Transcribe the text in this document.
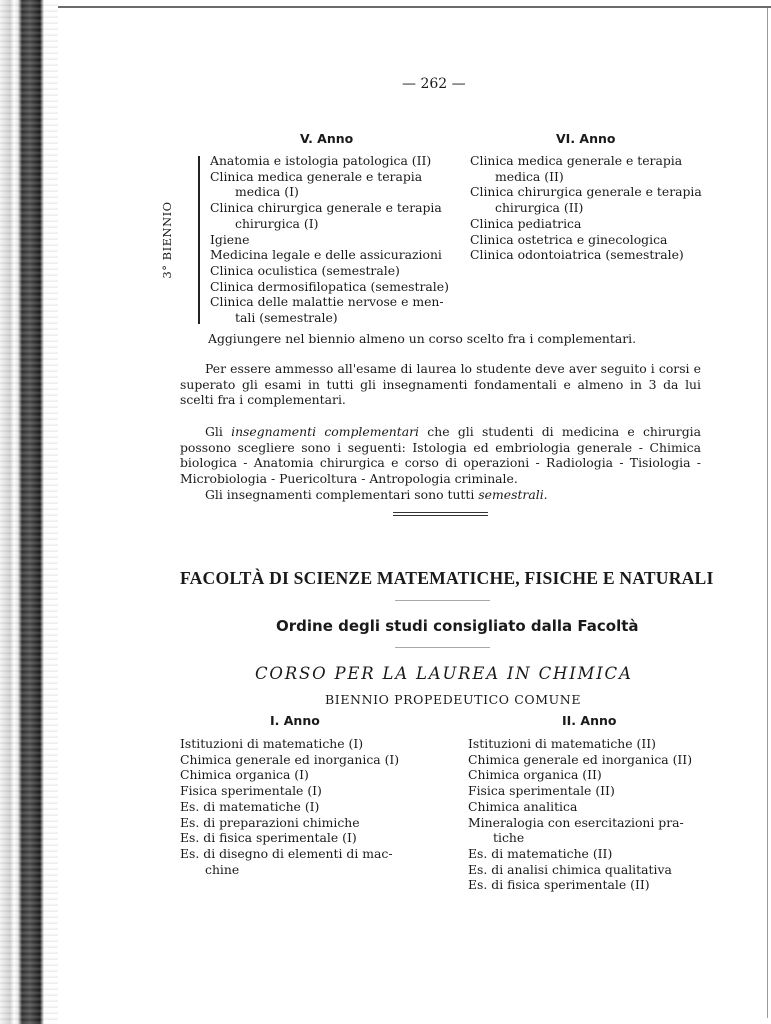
— 262 —
V. Anno
Anatomia e istologia patologica (II)
Clinica medica generale e terapia
medica (I)
Clinica chirurgica generale e terapia
chirurgica (I)
Igiene
Medicina legale e delle assicurazioni
Clinica oculistica (semestrale)
Clinica dermosifilopatica (semestrale)
Clinica delle malattie nervose e men-
tali (semestrale)
3° BIENNIO
VI. Anno
Clinica medica generale e terapia
medica (II)
Clinica chirurgica generale e terapia
chirurgica (II)
Clinica pediatrica
Clinica ostetrica e ginecologica
Clinica odontoiatrica (semestrale)
Aggiungere nel biennio almeno un corso scelto fra i complementari.
Per essere ammesso all'esame di laurea lo studente deve aver seguito i corsi e superato gli esami in tutti gli insegnamenti fondamentali e almeno in 3 da lui scelti fra i complementari.
Gli insegnamenti complementari che gli studenti di medicina e chirurgia possono scegliere sono i seguenti: Istologia ed embriologia generale - Chimica biologica - Anatomia chirurgica e corso di operazioni - Radiologia - Tisiologia - Microbiologia - Puericoltura - Antropologia criminale.
Gli insegnamenti complementari sono tutti semestrali.
FACOLTÀ DI SCIENZE MATEMATICHE, FISICHE E NATURALI
Ordine degli studi consigliato dalla Facoltà
CORSO PER LA LAUREA IN CHIMICA
BIENNIO PROPEDEUTICO COMUNE
I. Anno
Istituzioni di matematiche (I)
Chimica generale ed inorganica (I)
Chimica organica (I)
Fisica sperimentale (I)
Es. di matematiche (I)
Es. di preparazioni chimiche
Es. di fisica sperimentale (I)
Es. di disegno di elementi di mac-
chine
II. Anno
Istituzioni di matematiche (II)
Chimica generale ed inorganica (II)
Chimica organica (II)
Fisica sperimentale (II)
Chimica analitica
Mineralogia con esercitazioni pra-
tiche
Es. di matematiche (II)
Es. di analisi chimica qualitativa
Es. di fisica sperimentale (II)
